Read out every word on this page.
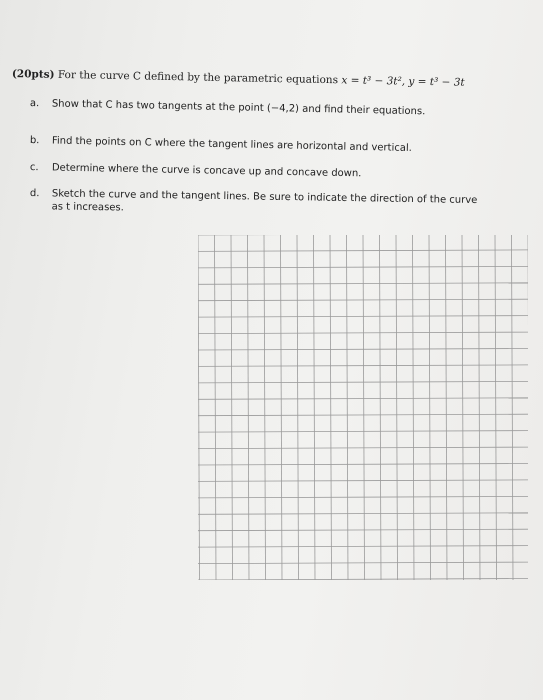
(20pts) For the curve C defined by the parametric equations x = t³ − 3t², y = t³ − 3t
a. Show that C has two tangents at the point (−4,2) and find their equations.
b. Find the points on C where the tangent lines are horizontal and vertical.
c. Determine where the curve is concave up and concave down.
d. Sketch the curve and the tangent lines. Be sure to indicate the direction of the curve as t increases.
